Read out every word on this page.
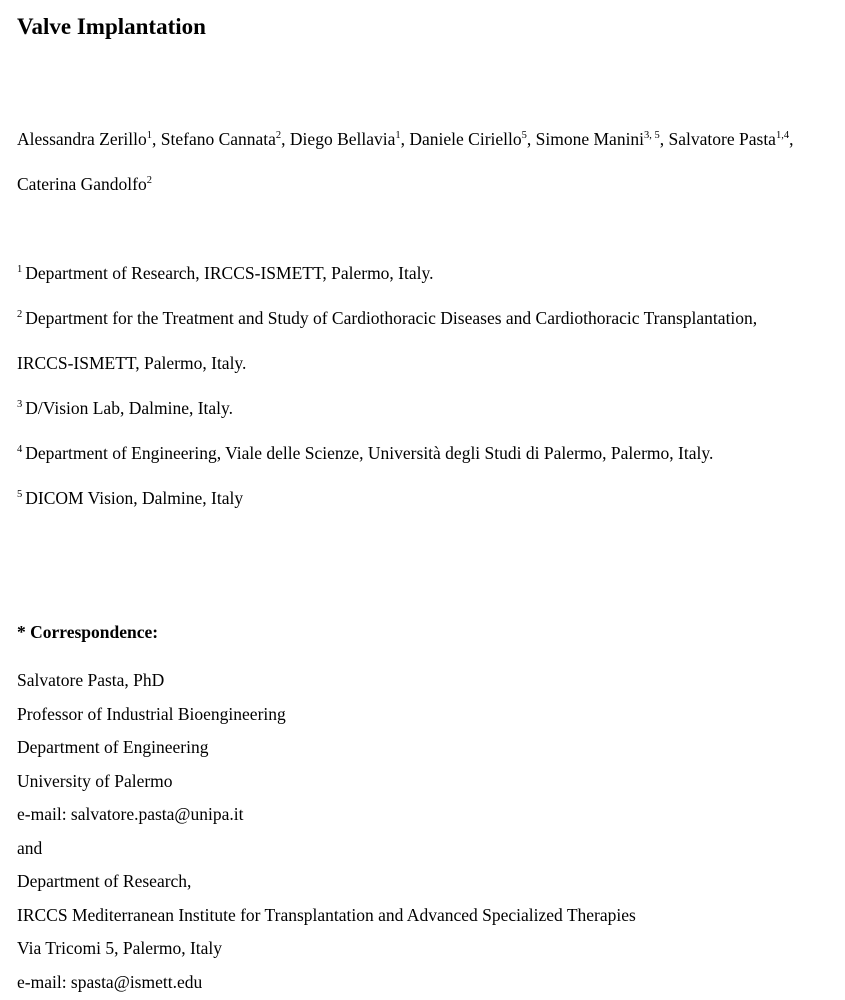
Valve Implantation
Alessandra Zerillo$^1$, Stefano Cannata$^2$, Diego Bellavia$^1$, Daniele Ciriello$^5$, Simone Manini$^{3, 5}$, Salvatore Pasta$^{1,4}$, Caterina Gandolfo$^2$
$^1$ Department of Research, IRCCS-ISMETT, Palermo, Italy.
$^2$ Department for the Treatment and Study of Cardiothoracic Diseases and Cardiothoracic Transplantation,
IRCCS-ISMETT, Palermo, Italy.
$^3$ D/Vision Lab, Dalmine, Italy.
$^4$ Department of Engineering, Viale delle Scienze, Università degli Studi di Palermo, Palermo, Italy.
$^5$ DICOM Vision, Dalmine, Italy
* Correspondence:
Salvatore Pasta, PhD
Professor of Industrial Bioengineering
Department of Engineering
University of Palermo
e-mail: salvatore.pasta@unipa.it
and
Department of Research,
IRCCS Mediterranean Institute for Transplantation and Advanced Specialized Therapies
Via Tricomi 5, Palermo, Italy
e-mail: spasta@ismett.edu
